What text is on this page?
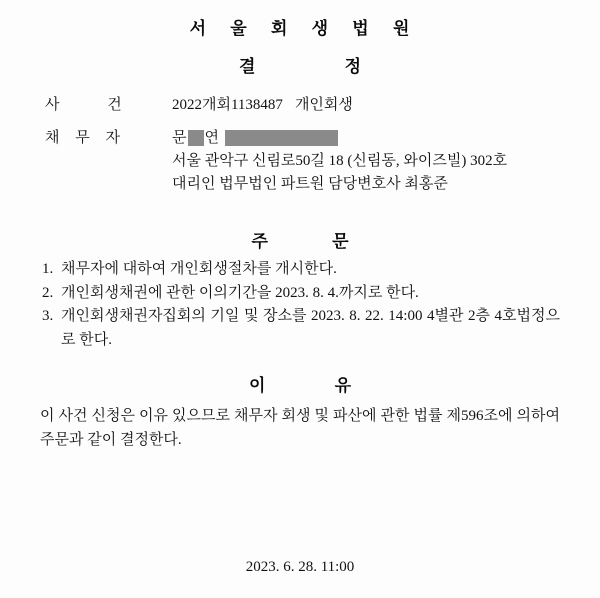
서 울 회 생 법 원
결 정
사 건	2022개회1138487 개인회생
채 무 자	문 연
서울 관악구 신림로50길 18 (신림동, 와이즈빌) 302호
대리인 법무법인 파트원 담당변호사 최홍준
주 문
1. 채무자에 대하여 개인회생절차를 개시한다.
2. 개인회생채권에 관한 이의기간을 2023. 8. 4.까지로 한다.
3. 개인회생채권자집회의 기일 및 장소를 2023. 8. 22. 14:00 4별관 2층 4호법정으로 한다.
이 유
이 사건 신청은 이유 있으므로 채무자 회생 및 파산에 관한 법률 제596조에 의하여 주문과 같이 결정한다.
2023. 6. 28. 11:00
